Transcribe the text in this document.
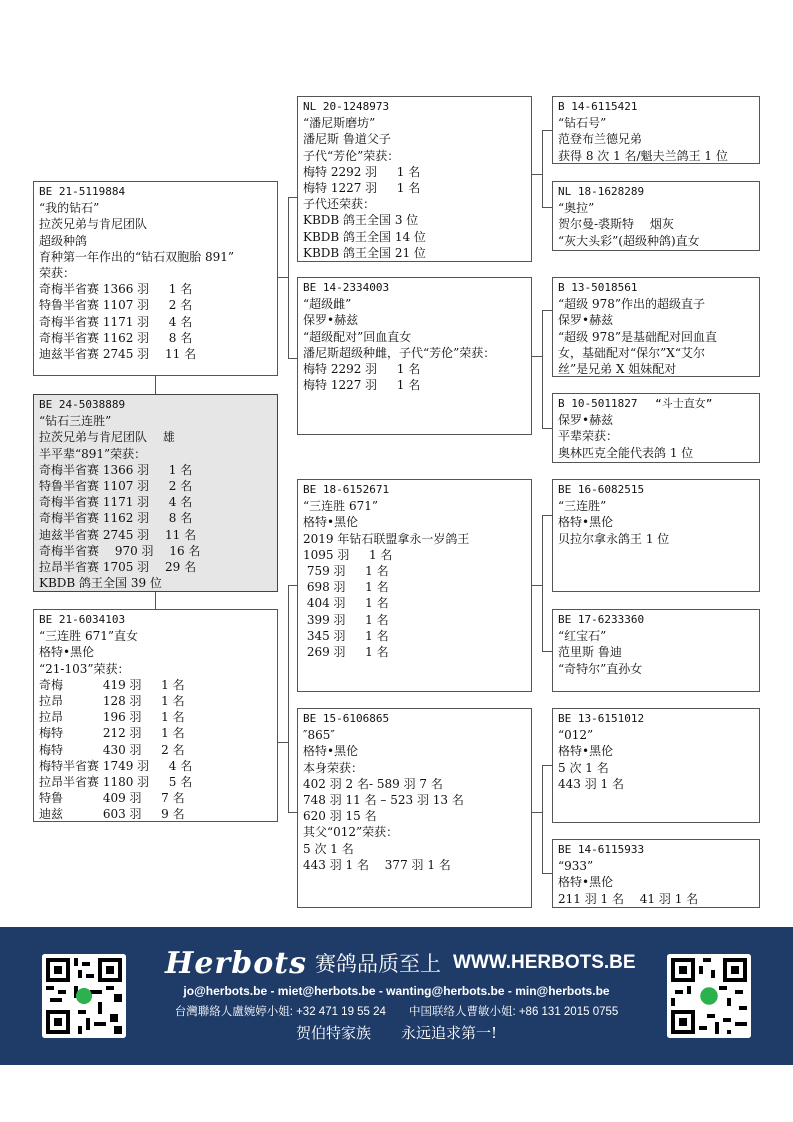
BE 21-5119884
“我的钻石”
拉茨兄弟与肯尼团队
超级种鸽
育种第一年作出的“钻石双胞胎 891”
荣获：
奇梅半省赛 1366 羽 　 1 名
特鲁半省赛 1107 羽 　 2 名
奇梅半省赛 1171 羽 　 4 名
奇梅半省赛 1162 羽 　 8 名
迪兹半省赛 2745 羽 　11 名
BE 24-5038889
“钻石三连胜”
拉茨兄弟与肯尼团队　 雄
半平辈“891”荣获：
奇梅半省赛 1366 羽 　 1 名
特鲁半省赛 1107 羽 　 2 名
奇梅半省赛 1171 羽 　 4 名
奇梅半省赛 1162 羽 　 8 名
迪兹半省赛 2745 羽 　11 名
奇梅半省赛 　970 羽 　16 名
拉昂半省赛 1705 羽 　29 名
KBDB 鸽王全国 39 位
BE 21-6034103
“三连胜 671”直女
格特•黑伦
“21-103”荣获：
奇梅　　　 419 羽 　 1 名
拉昂　　　 128 羽 　 1 名
拉昂　　　 196 羽 　 1 名
梅特　　　 212 羽 　 1 名
梅特　　　 430 羽 　 2 名
梅特半省赛 1749 羽 　 4 名
拉昂半省赛 1180 羽 　 5 名
特鲁　　　 409 羽 　 7 名
迪兹　　　 603 羽 　 9 名
NL 20-1248973
“潘尼斯磨坊”
潘尼斯 鲁道父子
子代“芳伦”荣获：
梅特 2292 羽 　 1 名
梅特 1227 羽 　 1 名
子代还荣获：
KBDB 鸽王全国 3 位
KBDB 鸽王全国 14 位
KBDB 鸽王全国 21 位
BE 14-2334003
“超级雌”
保罗•赫兹
“超级配对”回血直女
潘尼斯超级种雌，子代“芳伦”荣获：
梅特 2292 羽 　 1 名
梅特 1227 羽 　 1 名
BE 18-6152671
“三连胜 671”
格特•黑伦
2019 年钻石联盟拿永一岁鸽王
1095 羽 　 1 名
759 羽 　 1 名
698 羽 　 1 名
404 羽 　 1 名
399 羽 　 1 名
345 羽 　 1 名
269 羽 　 1 名
BE 15-6106865
″865″
格特•黑伦
本身荣获：
402 羽 2 名- 589 羽 7 名
748 羽 11 名 – 523 羽 13 名
620 羽 15 名
其父“012”荣获：
5 次 1 名
443 羽 1 名　 377 羽 1 名
B 14-6115421
“钻石号”
范登布兰德兄弟
获得 8 次 1 名/魁夫兰鸽王 1 位
NL 18-1628289
“奥拉”
贺尔曼-裘斯特　 烟灰
“灰大头彩”(超级种鸽)直女
B 13-5018561
“超级 978”作出的超级直子
保罗•赫兹
“超级 978”是基础配对回血直
女，基础配对“保尔”X“艾尔
丝”是兄弟 X 姐妹配对
B 10-5011827　 “斗士直女”
保罗•赫兹
平辈荣获：
奥林匹克全能代表鸽 1 位
BE 16-6082515
“三连胜”
格特•黑伦
贝拉尔拿永鸽王 1 位
BE 17-6233360
“红宝石”
范里斯 鲁迪
“奇特尔”直孙女
BE 13-6151012
“012”
格特•黑伦
5 次 1 名
443 羽 1 名
BE 14-6115933
“933”
格特•黑伦
211 羽 1 名　 41 羽 1 名
Herbots 赛鸽品质至上 WWW.HERBOTS.BE
jo@herbots.be - miet@herbots.be - wanting@herbots.be - min@herbots.be
台灣聯絡人盧婉婷小姐: +32 471 19 55 24　　中国联络人曹敏小姐: +86 131 2015 0755
贺伯特家族　　永远追求第一!
